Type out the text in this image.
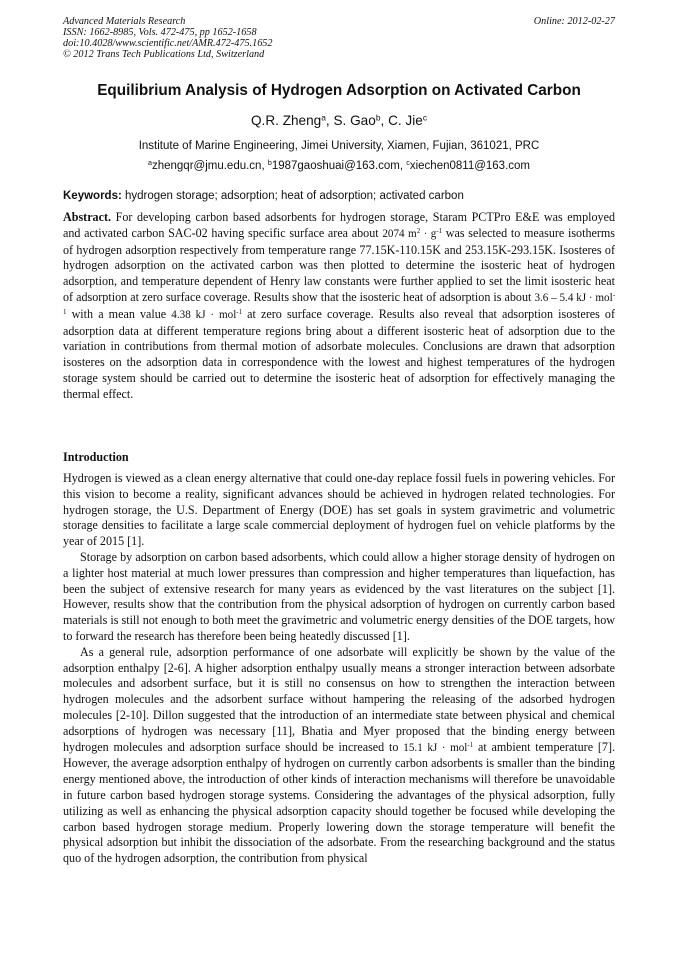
Advanced Materials Research
ISSN: 1662-8985, Vols. 472-475, pp 1652-1658
doi:10.4028/www.scientific.net/AMR.472-475.1652
© 2012 Trans Tech Publications Ltd, Switzerland
Online: 2012-02-27
Equilibrium Analysis of Hydrogen Adsorption on Activated Carbon
Q.R. Zheng$^a$, S. Gao$^b$, C. Jie$^c$
Institute of Marine Engineering, Jimei University, Xiamen, Fujian, 361021, PRC
$^a$zhengqr@jmu.edu.cn, $^b$1987gaoshuai@163.com, $^c$xiechen0811@163.com
Keywords: hydrogen storage; adsorption; heat of adsorption; activated carbon

Abstract. For developing carbon based adsorbents for hydrogen storage, Staram PCTPro E&E was employed and activated carbon SAC-02 having specific surface area about 2074 $m^2 \cdot g^{-1}$ was selected to measure isotherms of hydrogen adsorption respectively from temperature range 77.15K-110.15K and 253.15K-293.15K. Isosteres of hydrogen adsorption on the activated carbon was then plotted to determine the isosteric heat of hydrogen adsorption, and temperature dependent of Henry law constants were further applied to set the limit isosteric heat of adsorption at zero surface coverage. Results show that the isosteric heat of adsorption is about 3.6 – 5.4 kJ · mol$^{-1}$ with a mean value 4.38 kJ · mol$^{-1}$ at zero surface coverage. Results also reveal that adsorption isosteres of adsorption data at different temperature regions bring about a different isosteric heat of adsorption due to the variation in contributions from thermal motion of adsorbate molecules. Conclusions are drawn that adsorption isosteres on the adsorption data in correspondence with the lowest and highest temperatures of the hydrogen storage system should be carried out to determine the isosteric heat of adsorption for effectively managing the thermal effect.

Introduction

Hydrogen is viewed as a clean energy alternative that could one-day replace fossil fuels in powering vehicles. For this vision to become a reality, significant advances should be achieved in hydrogen related technologies. For hydrogen storage, the U.S. Department of Energy (DOE) has set goals in system gravimetric and volumetric storage densities to facilitate a large scale commercial deployment of hydrogen fuel on vehicle platforms by the year of 2015 [1].

Storage by adsorption on carbon based adsorbents, which could allow a higher storage density of hydrogen on a lighter host material at much lower pressures than compression and higher temperatures than liquefaction, has been the subject of extensive research for many years as evidenced by the vast literatures on the subject [1]. However, results show that the contribution from the physical adsorption of hydrogen on currently carbon based materials is still not enough to both meet the gravimetric and volumetric energy densities of the DOE targets, how to forward the research has therefore been being heatedly discussed [1].

As a general rule, adsorption performance of one adsorbate will explicitly be shown by the value of the adsorption enthalpy [2-6]. A higher adsorption enthalpy usually means a stronger interaction between adsorbate molecules and adsorbent surface, but it is still no consensus on how to strengthen the interaction between hydrogen molecules and the adsorbent surface without hampering the releasing of the adsorbed hydrogen molecules [2-10]. Dillon suggested that the introduction of an intermediate state between physical and chemical adsorptions of hydrogen was necessary [11], Bhatia and Myer proposed that the binding energy between hydrogen molecules and adsorption surface should be increased to 15.1 kJ · mol$^{-1}$ at ambient temperature [7]. However, the average adsorption enthalpy of hydrogen on currently carbon adsorbents is smaller than the binding energy mentioned above, the introduction of other kinds of interaction mechanisms will therefore be unavoidable in future carbon based hydrogen storage systems. Considering the advantages of the physical adsorption, fully utilizing as well as enhancing the physical adsorption capacity should together be focused while developing the carbon based hydrogen storage medium. Properly lowering down the storage temperature will benefit the physical adsorption but inhibit the dissociation of the adsorbate. From the researching background and the status quo of the hydrogen adsorption, the contribution from physical
